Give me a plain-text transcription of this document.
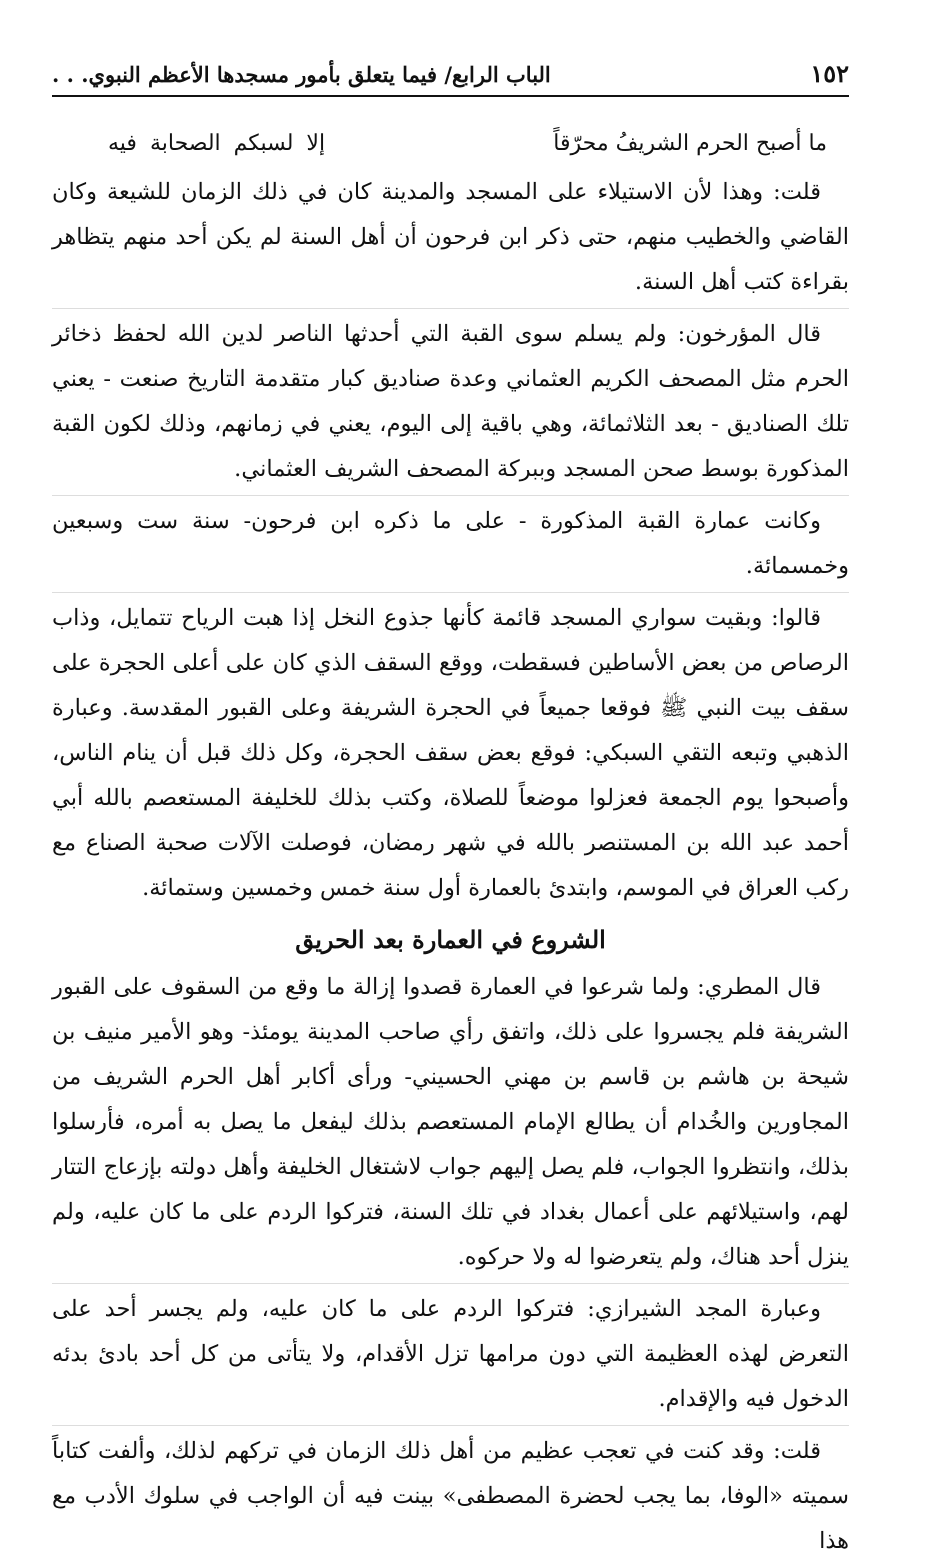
١٥٢
الباب الرابع/ فيما يتعلق بأمور مسجدها الأعظم النبوي. . .
ما أصبح الحرم الشريفُ محرّقاً
إلا لسبكم الصحابة فيه

قلت: وهذا لأن الاستيلاء على المسجد والمدينة كان في ذلك الزمان للشيعة وكان القاضي والخطيب منهم، حتى ذكر ابن فرحون أن أهل السنة لم يكن أحد منهم يتظاهر بقراءة كتب أهل السنة.

قال المؤرخون: ولم يسلم سوى القبة التي أحدثها الناصر لدين الله لحفظ ذخائر الحرم مثل المصحف الكريم العثماني وعدة صناديق كبار متقدمة التاريخ صنعت - يعني تلك الصناديق - بعد الثلاثمائة، وهي باقية إلى اليوم، يعني في زمانهم، وذلك لكون القبة المذكورة بوسط صحن المسجد وببركة المصحف الشريف العثماني.

وكانت عمارة القبة المذكورة - على ما ذكره ابن فرحون- سنة ست وسبعين وخمسمائة.

قالوا: وبقيت سواري المسجد قائمة كأنها جذوع النخل إذا هبت الرياح تتمايل، وذاب الرصاص من بعض الأساطين فسقطت، ووقع السقف الذي كان على أعلى الحجرة على سقف بيت النبي ﷺ فوقعا جميعاً في الحجرة الشريفة وعلى القبور المقدسة. وعبارة الذهبي وتبعه التقي السبكي: فوقع بعض سقف الحجرة، وكل ذلك قبل أن ينام الناس، وأصبحوا يوم الجمعة فعزلوا موضعاً للصلاة، وكتب بذلك للخليفة المستعصم بالله أبي أحمد عبد الله بن المستنصر بالله في شهر رمضان، فوصلت الآلات صحبة الصناع مع ركب العراق في الموسم، وابتدئ بالعمارة أول سنة خمس وخمسين وستمائة.

الشروع في العمارة بعد الحريق

قال المطري: ولما شرعوا في العمارة قصدوا إزالة ما وقع من السقوف على القبور الشريفة فلم يجسروا على ذلك، واتفق رأي صاحب المدينة يومئذ- وهو الأمير منيف بن شيحة بن هاشم بن قاسم بن مهني الحسيني- ورأى أكابر أهل الحرم الشريف من المجاورين والخُدام أن يطالع الإمام المستعصم بذلك ليفعل ما يصل به أمره، فأرسلوا بذلك، وانتظروا الجواب، فلم يصل إليهم جواب لاشتغال الخليفة وأهل دولته بإزعاج التتار لهم، واستيلائهم على أعمال بغداد في تلك السنة، فتركوا الردم على ما كان عليه، ولم ينزل أحد هناك، ولم يتعرضوا له ولا حركوه.

وعبارة المجد الشيرازي: فتركوا الردم على ما كان عليه، ولم يجسر أحد على التعرض لهذه العظيمة التي دون مرامها تزل الأقدام، ولا يتأتى من كل أحد بادئ بدئه الدخول فيه والإقدام.

قلت: وقد كنت في تعجب عظيم من أهل ذلك الزمان في تركهم لذلك، وألفت كتاباً سميته «الوفا، بما يجب لحضرة المصطفى» بينت فيه أن الواجب في سلوك الأدب مع هذا
